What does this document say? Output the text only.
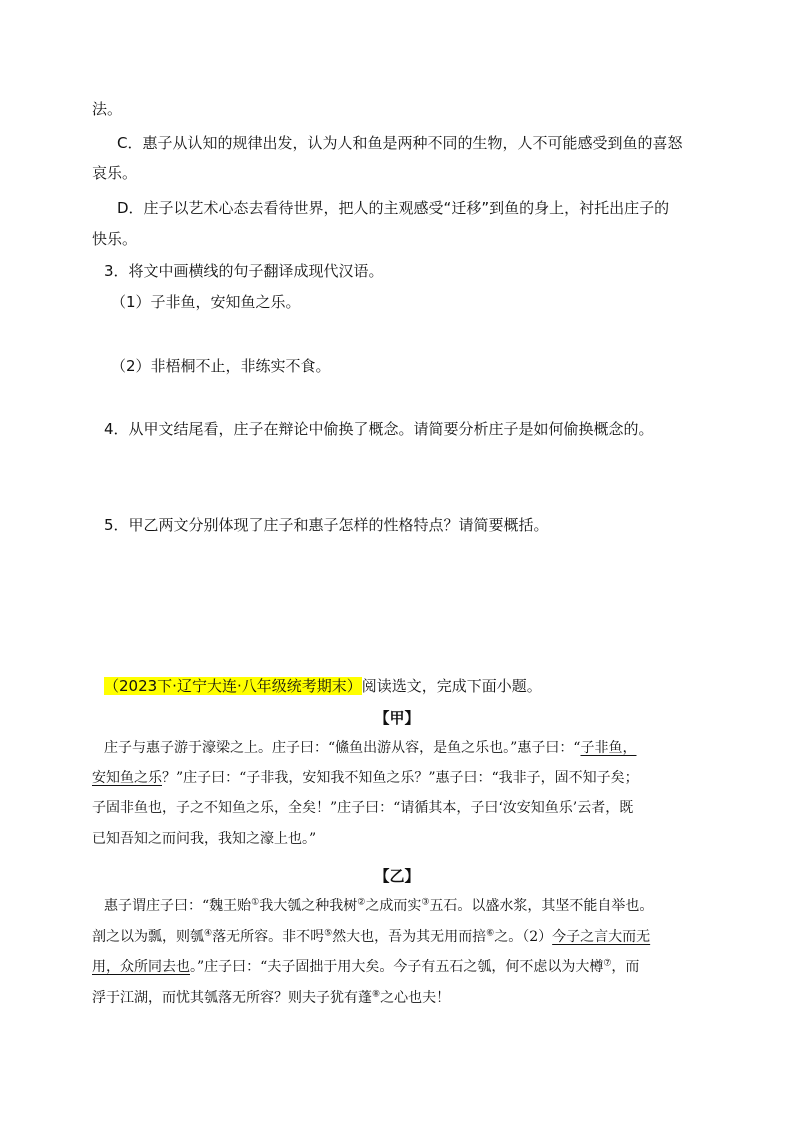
法。
C．惠子从认知的规律出发，认为人和鱼是两种不同的生物，人不可能感受到鱼的喜怒
哀乐。
D．庄子以艺术心态去看待世界，把人的主观感受“迁移”到鱼的身上，衬托出庄子的
快乐。
3．将文中画横线的句子翻译成现代汉语。
（1）子非鱼，安知鱼之乐。
（2）非梧桐不止，非练实不食。
4．从甲文结尾看，庄子在辩论中偷换了概念。请简要分析庄子是如何偷换概念的。
5．甲乙两文分别体现了庄子和惠子怎样的性格特点？请简要概括。
（2023下·辽宁大连·八年级统考期末）阅读选文，完成下面小题。
【甲】
庄子与惠子游于濠梁之上。庄子曰：“鯈鱼出游从容，是鱼之乐也。”惠子曰：“子非鱼，
安知鱼之乐？”庄子曰：“子非我，安知我不知鱼之乐？”惠子曰：“我非子，固不知子矣；
子固非鱼也，子之不知鱼之乐，全矣！”庄子曰：“请循其本，子曰‘汝安知鱼乐’云者，既
已知吾知之而问我，我知之濠上也。”
【乙】
惠子谓庄子曰：“魏王贻①我大瓠之种我树②之成而实③五石。以盛水浆，其坚不能自举也。
剖之以为瓢，则瓠④落无所容。非不呺⑤然大也，吾为其无用而掊⑥之。（2）今子之言大而无
用，众所同去也。”庄子曰：“夫子固拙于用大矣。今子有五石之瓠，何不虑以为大樽⑦，而
浮于江湖，而忧其瓠落无所容？则夫子犹有蓬⑧之心也夫！
